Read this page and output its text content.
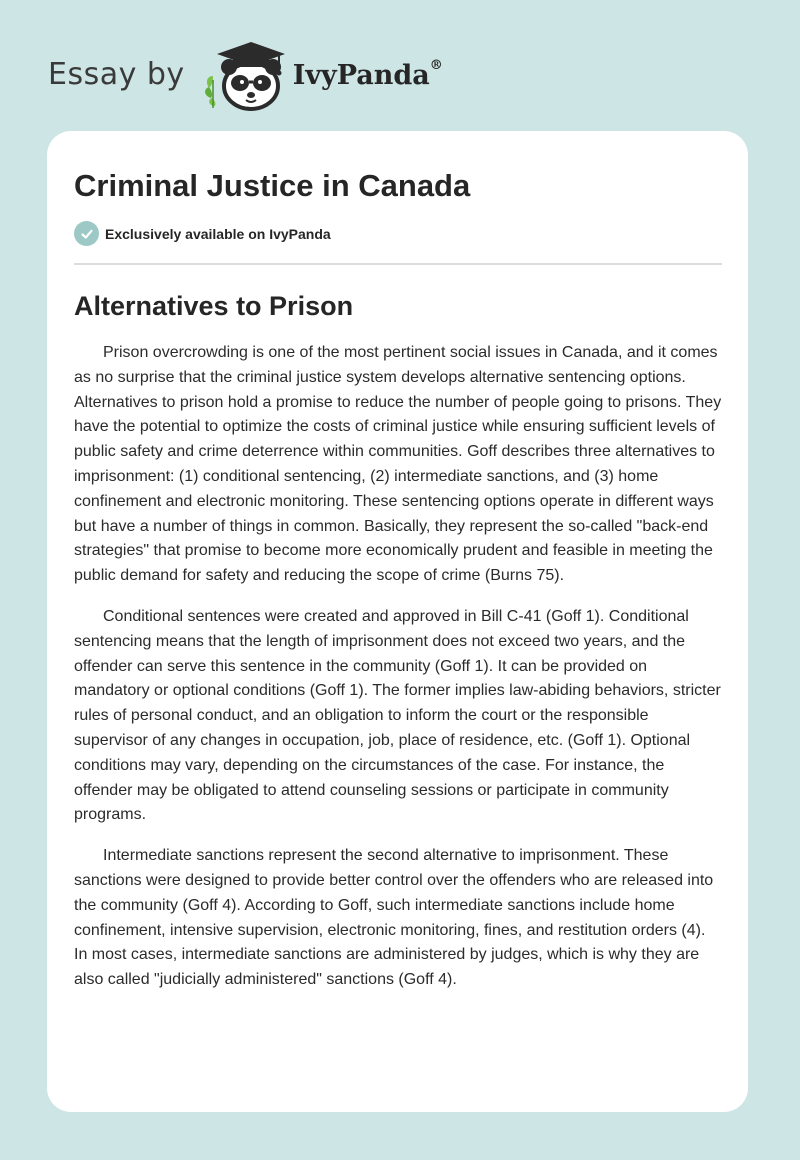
Essay by	IvyPanda®
Criminal Justice in Canada
Exclusively available on IvyPanda
Alternatives to Prison

Prison overcrowding is one of the most pertinent social issues in Canada, and it comes as no surprise that the criminal justice system develops alternative sentencing options. Alternatives to prison hold a promise to reduce the number of people going to prisons. They have the potential to optimize the costs of criminal justice while ensuring sufficient levels of public safety and crime deterrence within communities. Goff describes three alternatives to imprisonment: (1) conditional sentencing, (2) intermediate sanctions, and (3) home confinement and electronic monitoring. These sentencing options operate in different ways but have a number of things in common. Basically, they represent the so-called "back-end strategies" that promise to become more economically prudent and feasible in meeting the public demand for safety and reducing the scope of crime (Burns 75).

Conditional sentences were created and approved in Bill C-41 (Goff 1). Conditional sentencing means that the length of imprisonment does not exceed two years, and the offender can serve this sentence in the community (Goff 1). It can be provided on mandatory or optional conditions (Goff 1). The former implies law-abiding behaviors, stricter rules of personal conduct, and an obligation to inform the court or the responsible supervisor of any changes in occupation, job, place of residence, etc. (Goff 1). Optional conditions may vary, depending on the circumstances of the case. For instance, the offender may be obligated to attend counseling sessions or participate in community programs.

Intermediate sanctions represent the second alternative to imprisonment. These sanctions were designed to provide better control over the offenders who are released into the community (Goff 4). According to Goff, such intermediate sanctions include home confinement, intensive supervision, electronic monitoring, fines, and restitution orders (4). In most cases, intermediate sanctions are administered by judges, which is why they are also called "judicially administered" sanctions (Goff 4).
